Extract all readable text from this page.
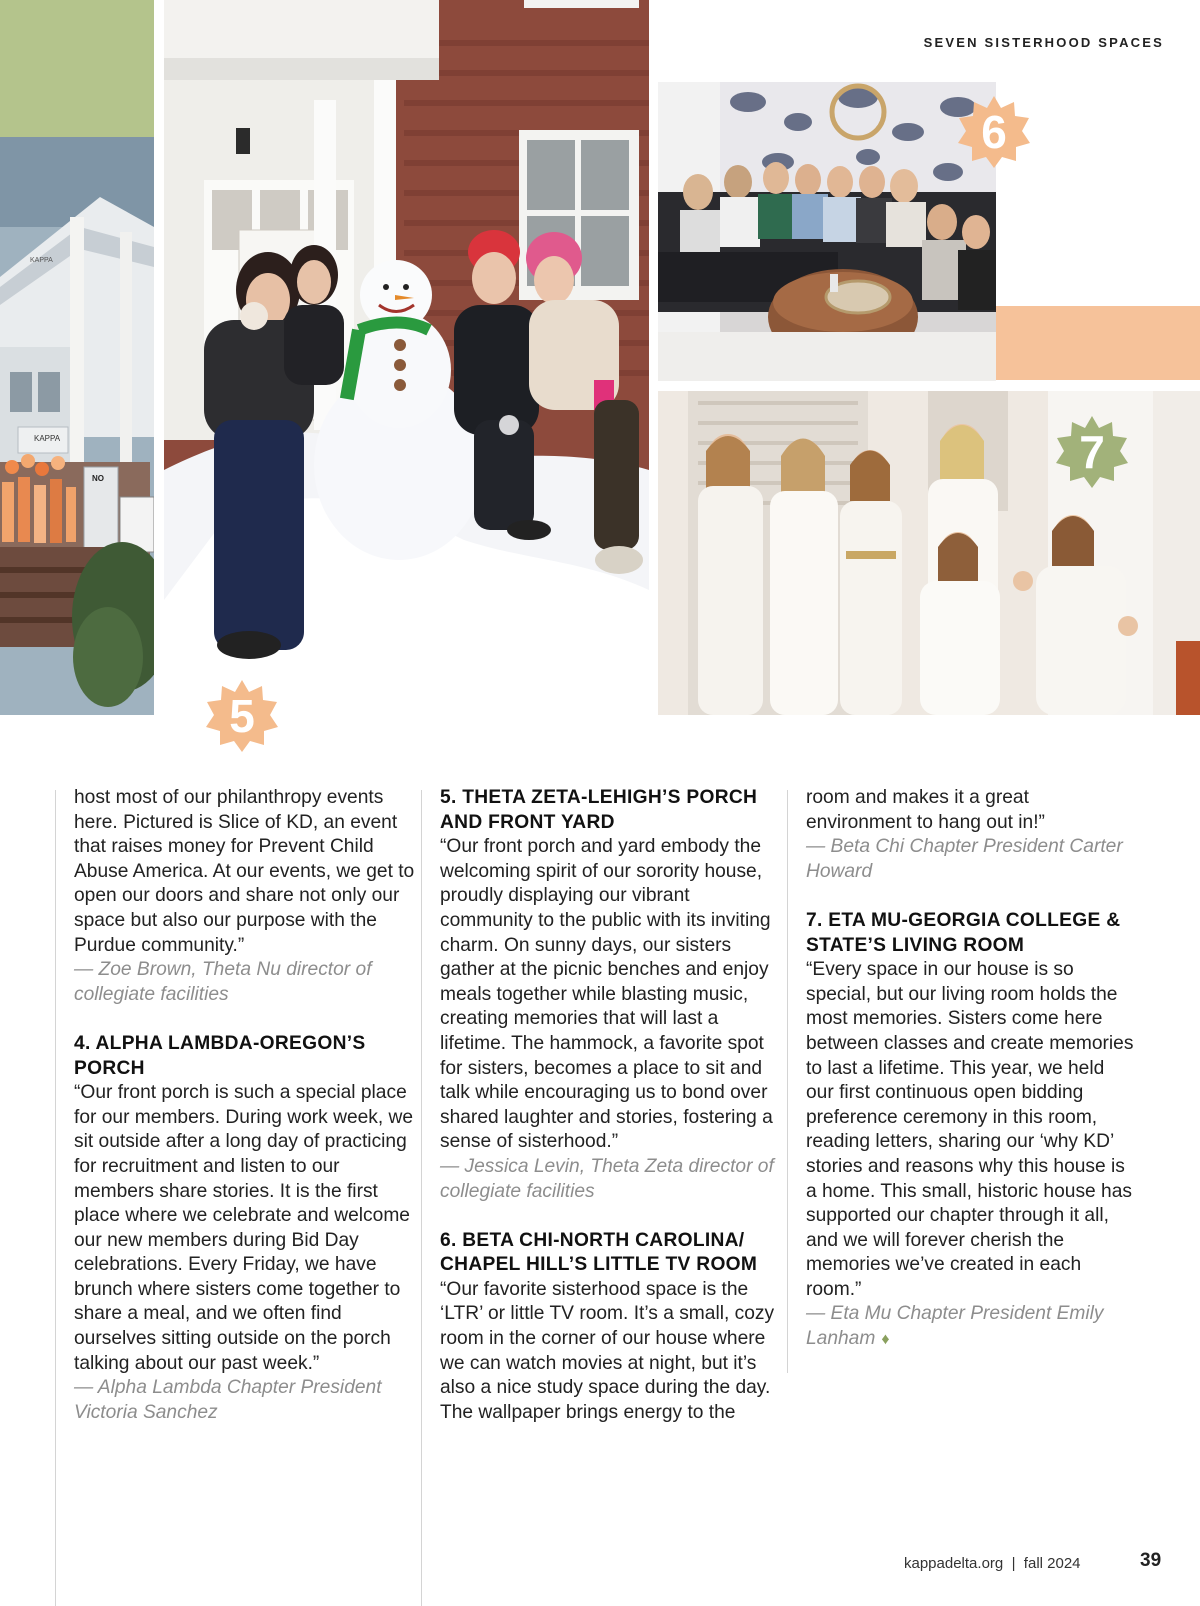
KAPPA
KAPPA
NO
SEVEN SISTERHOOD SPACES
5
6
7

host most of our philanthropy events here. Pictured is Slice of KD, an event that raises money for Prevent Child Abuse America. At our events, we get to open our doors and share not only our space but also our purpose with the Purdue community.”

— Zoe Brown, Theta Nu director of collegiate facilities

4. ALPHA LAMBDA-OREGON’S PORCH

“Our front porch is such a special place for our members. During work week, we sit outside after a long day of practicing for recruitment and listen to our members share stories. It is the first place where we celebrate and welcome our new members during Bid Day celebrations. Every Friday, we have brunch where sisters come together to share a meal, and we often find ourselves sitting outside on the porch talking about our past week.”

— Alpha Lambda Chapter President Victoria Sanchez

5. THETA ZETA-LEHIGH’S PORCH AND FRONT YARD

“Our front porch and yard embody the welcoming spirit of our sorority house, proudly displaying our vibrant community to the public with its inviting charm. On sunny days, our sisters gather at the picnic benches and enjoy meals together while blasting music, creating memories that will last a lifetime. The hammock, a favorite spot for sisters, becomes a place to sit and talk while encouraging us to bond over shared laughter and stories, fostering a sense of sisterhood.”

— Jessica Levin, Theta Zeta director of collegiate facilities

6. BETA CHI-NORTH CAROLINA/ CHAPEL HILL’S LITTLE TV ROOM

“Our favorite sisterhood space is the ‘LTR’ or little TV room. It’s a small, cozy room in the corner of our house where we can watch movies at night, but it’s also a nice study space during the day. The wallpaper brings energy to the

room and makes it a great environment to hang out in!”

— Beta Chi Chapter President Carter Howard

7. ETA MU-GEORGIA COLLEGE & STATE’S LIVING ROOM

“Every space in our house is so special, but our living room holds the most memories. Sisters come here between classes and create memories to last a lifetime. This year, we held our first continuous open bidding preference ceremony in this room, reading letters, sharing our ‘why KD’ stories and reasons why this house is a home. This small, historic house has supported our chapter through it all, and we will forever cherish the memories we’ve created in each room.”

— Eta Mu Chapter President Emily Lanham ♦

kappadelta.org  |  fall 2024	39
